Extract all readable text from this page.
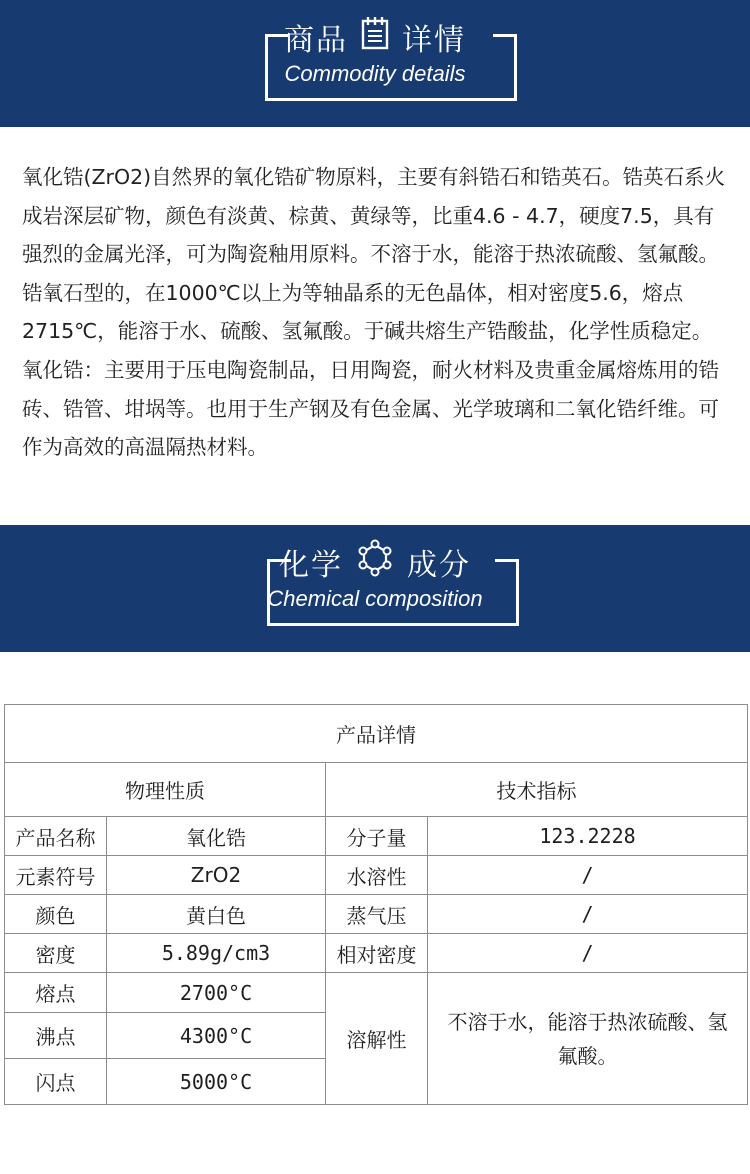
商品 详情
Commodity details

氧化锆(ZrO2)自然界的氧化锆矿物原料，主要有斜锆石和锆英石。锆英石系火成岩深层矿物，颜色有淡黄、棕黄、黄绿等，比重4.6 - 4.7，硬度7.5，具有强烈的金属光泽，可为陶瓷釉用原料。不溶于水，能溶于热浓硫酸、氢氟酸。锆氧石型的，在1000℃以上为等轴晶系的无色晶体，相对密度5.6，熔点2715℃，能溶于水、硫酸、氢氟酸。于碱共熔生产锆酸盐，化学性质稳定。

氧化锆：主要用于压电陶瓷制品，日用陶瓷，耐火材料及贵重金属熔炼用的锆砖、锆管、坩埚等。也用于生产钢及有色金属、光学玻璃和二氧化锆纤维。可作为高效的高温隔热材料。

化学 成分
Chemical composition
产品详情			
物理性质		技术指标	
产品名称	氧化锆	分子量	123.2228
元素符号	ZrO2	水溶性	/
颜色	黄白色	蒸气压	/
密度	5.89g/cm3	相对密度	/
熔点	2700°C	溶解性	不溶于水，能溶于热浓硫酸、氢氟酸。
沸点	4300°C		
闪点	5000°C		
